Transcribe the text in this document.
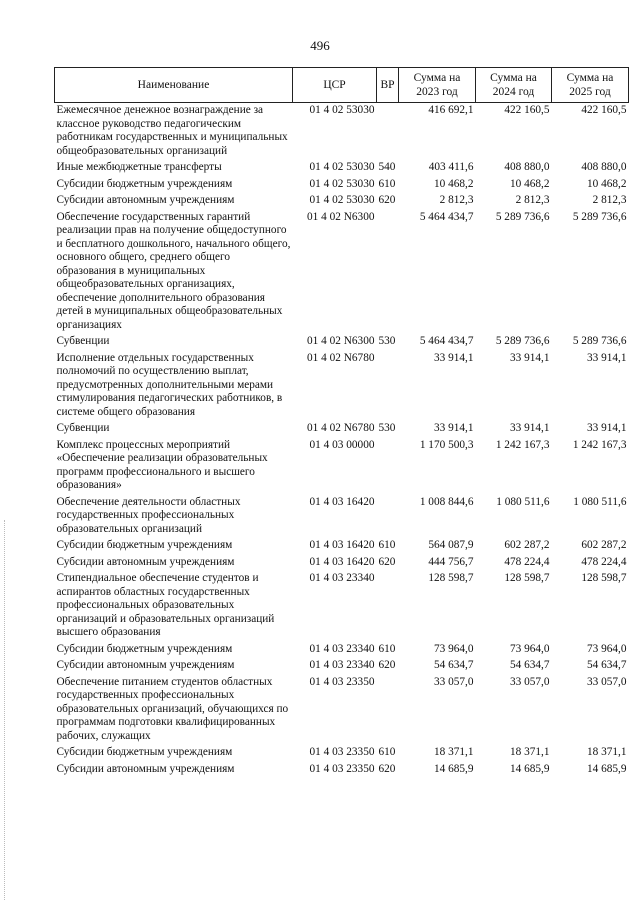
496
Наименование	ЦСР	ВР	Сумма на 2023 год	Сумма на 2024 год	Сумма на 2025 год
Ежемесячное денежное вознаграждение за классное руководство педагогическим работникам государственных и муниципальных общеобразовательных организаций	01 4 02 53030		416 692,1	422 160,5	422 160,5
Иные межбюджетные трансферты	01 4 02 53030	540	403 411,6	408 880,0	408 880,0
Субсидии бюджетным учреждениям	01 4 02 53030	610	10 468,2	10 468,2	10 468,2
Субсидии автономным учреждениям	01 4 02 53030	620	2 812,3	2 812,3	2 812,3
Обеспечение государственных гарантий реализации прав на получение общедоступного и бесплатного дошкольного, начального общего, основного общего, среднего общего образования в муниципальных общеобразовательных организациях, обеспечение дополнительного образования детей в муниципальных общеобразовательных организациях	01 4 02 N6300		5 464 434,7	5 289 736,6	5 289 736,6
Субвенции	01 4 02 N6300	530	5 464 434,7	5 289 736,6	5 289 736,6
Исполнение отдельных государственных полномочий по осуществлению выплат, предусмотренных дополнительными мерами стимулирования педагогических работников, в системе общего образования	01 4 02 N6780		33 914,1	33 914,1	33 914,1
Субвенции	01 4 02 N6780	530	33 914,1	33 914,1	33 914,1
Комплекс процессных мероприятий «Обеспечение реализации образовательных программ профессионального и высшего образования»	01 4 03 00000		1 170 500,3	1 242 167,3	1 242 167,3
Обеспечение деятельности областных государственных профессиональных образовательных организаций	01 4 03 16420		1 008 844,6	1 080 511,6	1 080 511,6
Субсидии бюджетным учреждениям	01 4 03 16420	610	564 087,9	602 287,2	602 287,2
Субсидии автономным учреждениям	01 4 03 16420	620	444 756,7	478 224,4	478 224,4
Стипендиальное обеспечение студентов и аспирантов областных государственных профессиональных образовательных организаций и образовательных организаций высшего образования	01 4 03 23340		128 598,7	128 598,7	128 598,7
Субсидии бюджетным учреждениям	01 4 03 23340	610	73 964,0	73 964,0	73 964,0
Субсидии автономным учреждениям	01 4 03 23340	620	54 634,7	54 634,7	54 634,7
Обеспечение питанием студентов областных государственных профессиональных образовательных организаций, обучающихся по программам подготовки квалифицированных рабочих, служащих	01 4 03 23350		33 057,0	33 057,0	33 057,0
Субсидии бюджетным учреждениям	01 4 03 23350	610	18 371,1	18 371,1	18 371,1
Субсидии автономным учреждениям	01 4 03 23350	620	14 685,9	14 685,9	14 685,9
